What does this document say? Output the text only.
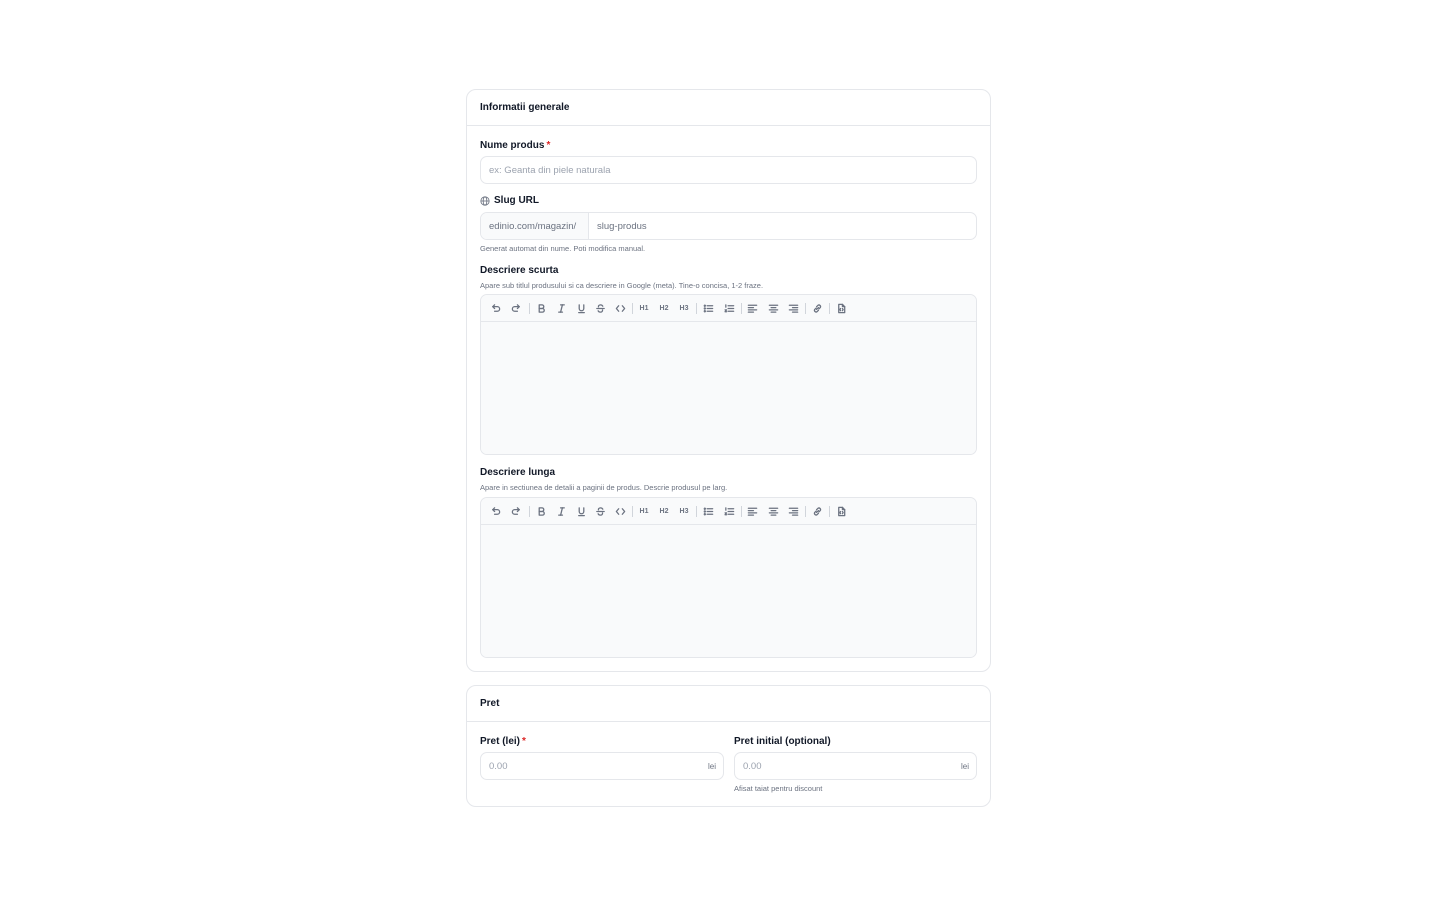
Informatii generale
Nume produs *
ex: Geanta din piele naturala
Slug URL
edinio.com/magazin/	slug-produs
Generat automat din nume. Poti modifica manual.
Descriere scurta
Apare sub titlul produsului si ca descriere in Google (meta). Tine-o concisa, 1-2 fraze.
H1	H2	H3
Descriere lunga
Apare in sectiunea de detalii a paginii de produs. Descrie produsul pe larg.
H1	H2	H3
Pret
Pret (lei) *
0.00	lei
Pret initial (optional)
0.00	lei
Afisat taiat pentru discount
